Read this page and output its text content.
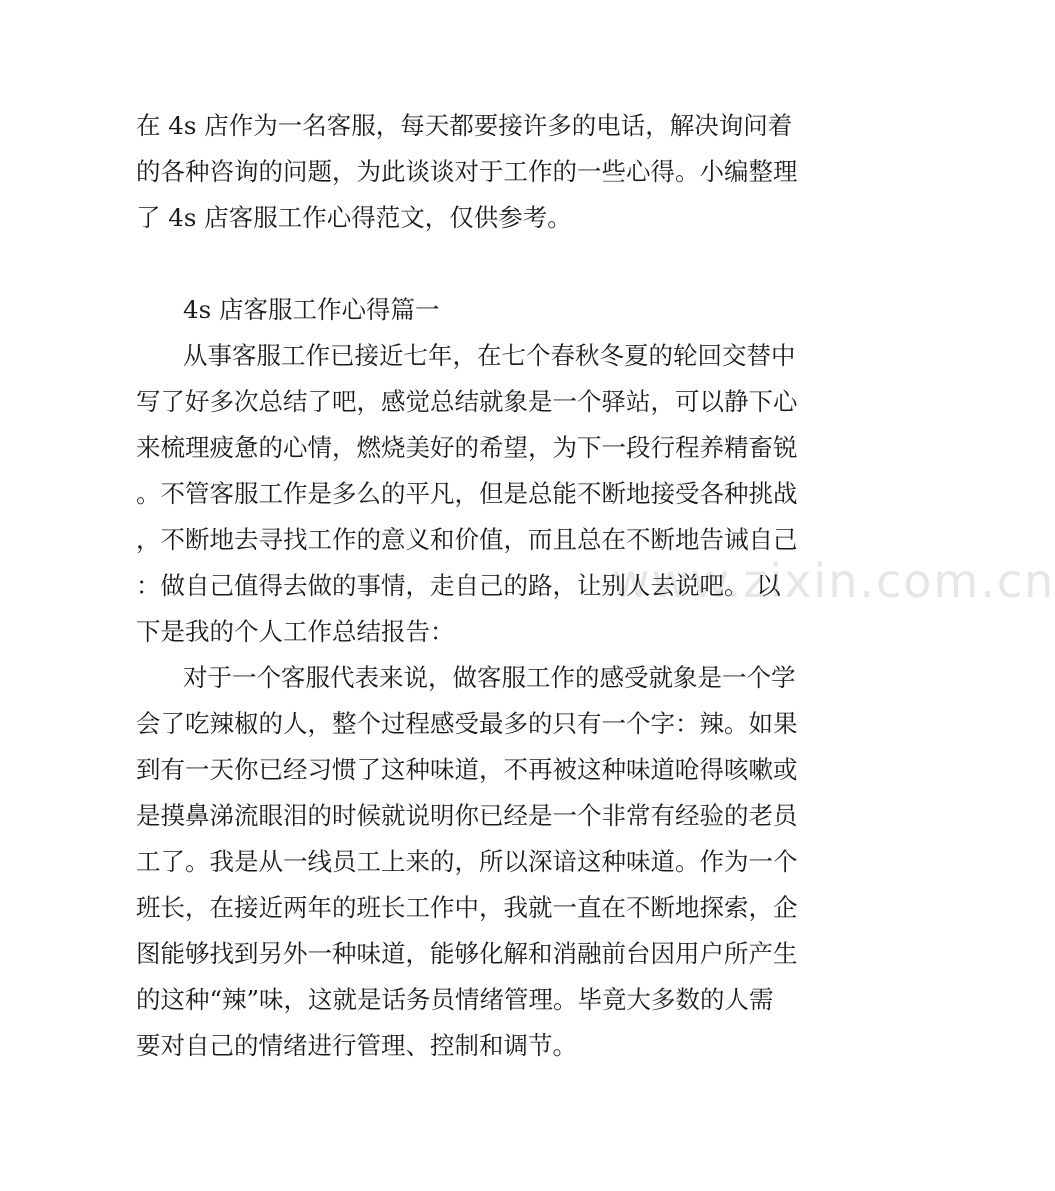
www.zixin.com.cn
在 4s 店作为一名客服，每天都要接许多的电话，解决询问着
的各种咨询的问题，为此谈谈对于工作的一些心得。小编整理
了 4s 店客服工作心得范文，仅供参考。
4s 店客服工作心得篇一
从事客服工作已接近七年，在七个春秋冬夏的轮回交替中
写了好多次总结了吧，感觉总结就象是一个驿站，可以静下心
来梳理疲惫的心情，燃烧美好的希望，为下一段行程养精畜锐
。不管客服工作是多么的平凡，但是总能不断地接受各种挑战
，不断地去寻找工作的意义和价值，而且总在不断地告诫自己
：做自己值得去做的事情，走自己的路，让别人去说吧。 以
下是我的个人工作总结报告：
对于一个客服代表来说，做客服工作的感受就象是一个学
会了吃辣椒的人，整个过程感受最多的只有一个字：辣。如果
到有一天你已经习惯了这种味道，不再被这种味道呛得咳嗽或
是摸鼻涕流眼泪的时候就说明你已经是一个非常有经验的老员
工了。我是从一线员工上来的，所以深谙这种味道。作为一个
班长，在接近两年的班长工作中，我就一直在不断地探索，企
图能够找到另外一种味道，能够化解和消融前台因用户所产生
的这种“辣”味，这就是话务员情绪管理。毕竟大多数的人需
要对自己的情绪进行管理、控制和调节。
